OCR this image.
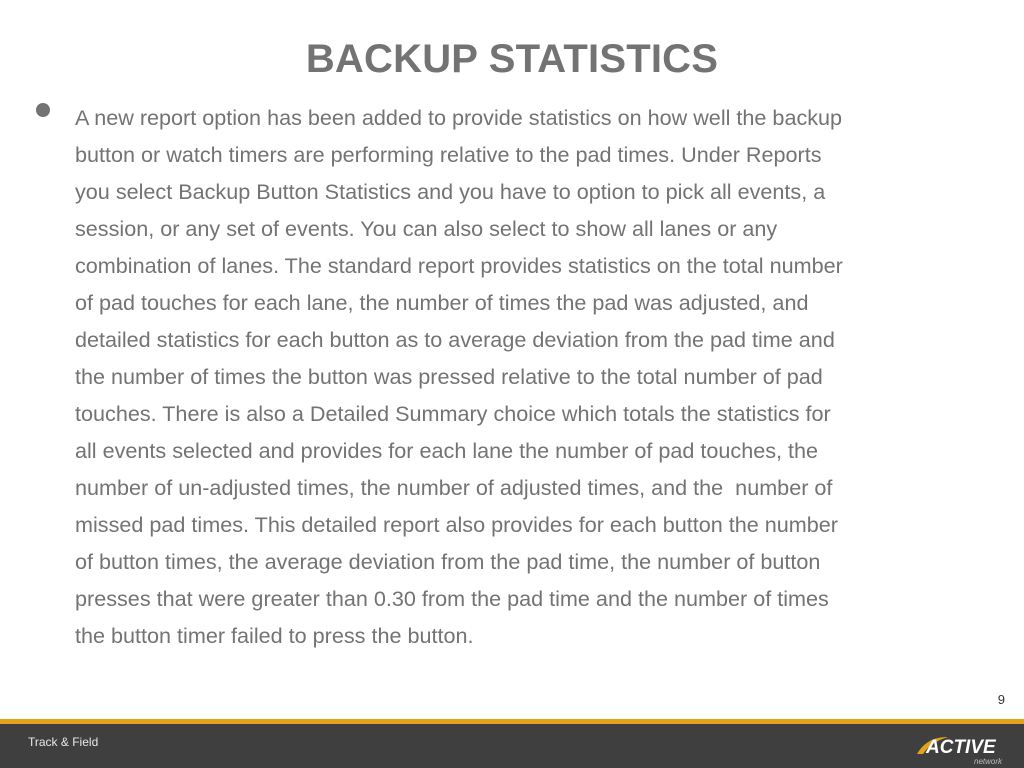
BACKUP STATISTICS

A new report option has been added to provide statistics on how well the backup
button or watch timers are performing relative to the pad times. Under Reports
you select Backup Button Statistics and you have to option to pick all events, a
session, or any set of events. You can also select to show all lanes or any
combination of lanes. The standard report provides statistics on the total number
of pad touches for each lane, the number of times the pad was adjusted, and
detailed statistics for each button as to average deviation from the pad time and
the number of times the button was pressed relative to the total number of pad
touches. There is also a Detailed Summary choice which totals the statistics for
all events selected and provides for each lane the number of pad touches, the
number of un-adjusted times, the number of adjusted times, and the  number of
missed pad times. This detailed report also provides for each button the number
of button times, the average deviation from the pad time, the number of button
presses that were greater than 0.30 from the pad time and the number of times
the button timer failed to press the button.

9
Track & Field	ACTIVE
network
